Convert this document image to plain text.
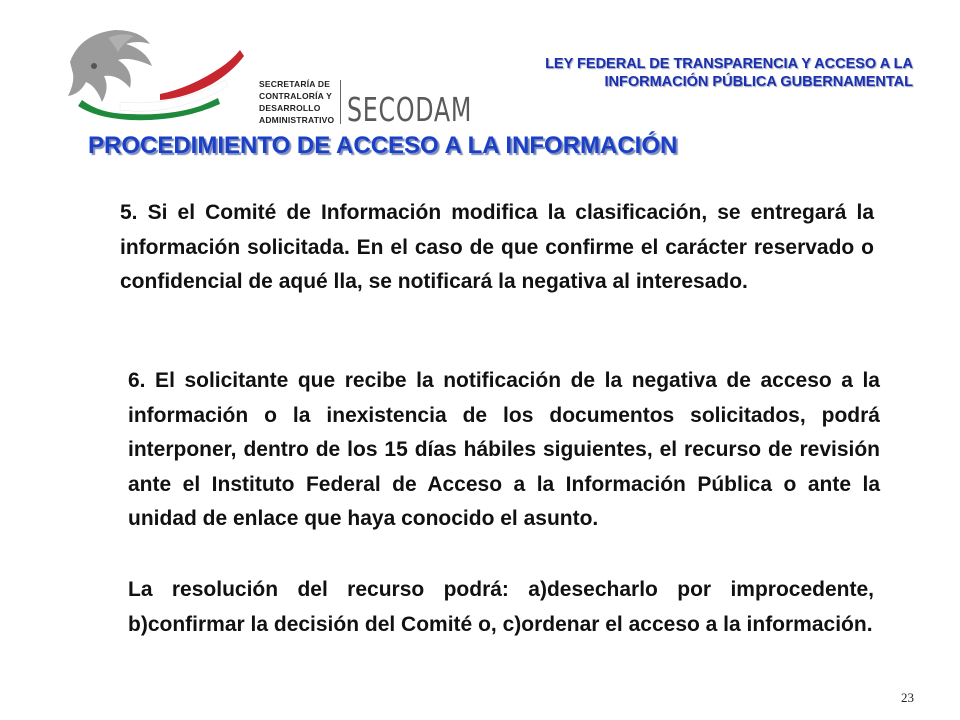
SECRETARÍA DE
CONTRALORÍA Y DESARROLLO
ADMINISTRATIVO SECODAM
LEY FEDERAL DE TRANSPARENCIA Y ACCESO A LA
INFORMACIÓN PÚBLICA GUBERNAMENTAL
PROCEDIMIENTO DE ACCESO A LA INFORMACIÓN

5. Si el Comité de Información modifica la clasificación, se entregará la información solicitada. En el caso de que confirme el carácter reservado o confidencial de aqué lla, se notificará la negativa al interesado.

6. El solicitante que recibe la notificación de la negativa de acceso a la información o la inexistencia de los documentos solicitados, podrá interponer, dentro de los 15 días hábiles siguientes, el recurso de revisión ante el Instituto Federal de Acceso a la Información Pública o ante la unidad de enlace que haya conocido el asunto.

La resolución del recurso podrá: a)desecharlo por improcedente, b)confirmar la decisión del Comité o, c)ordenar el acceso a la información.

23
